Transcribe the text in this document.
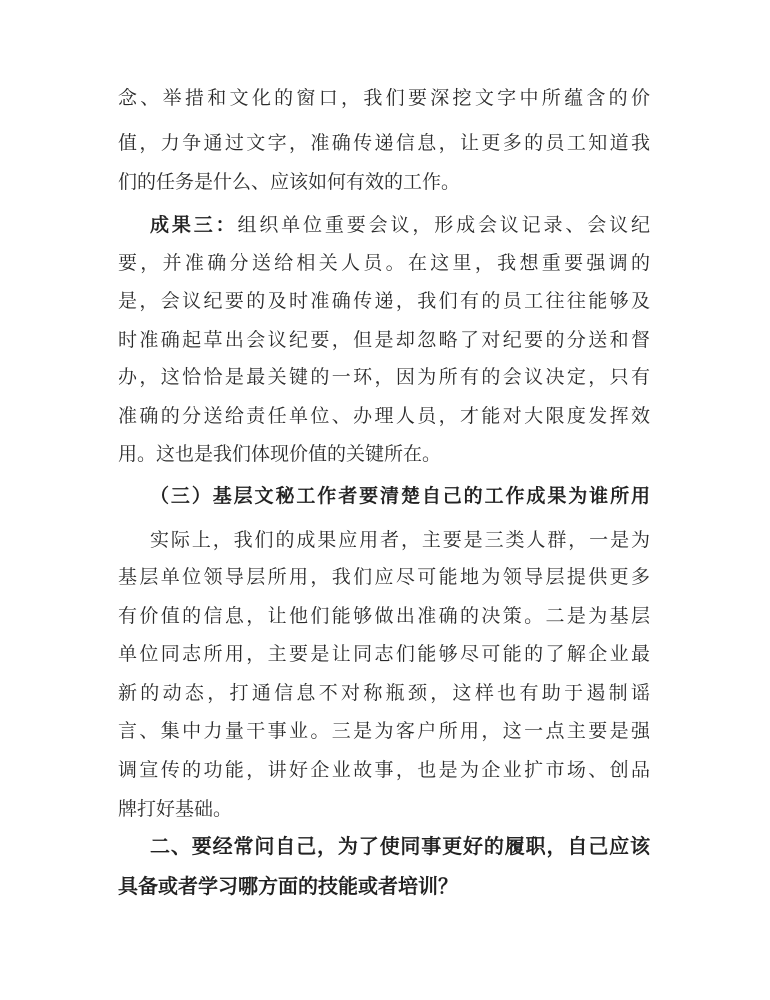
念、举措和文化的窗口，我们要深挖文字中所蕴含的价
值，力争通过文字，准确传递信息，让更多的员工知道我
们的任务是什么、应该如何有效的工作。
成果三：组织单位重要会议，形成会议记录、会议纪
要，并准确分送给相关人员。在这里，我想重要强调的
是，会议纪要的及时准确传递，我们有的员工往往能够及
时准确起草出会议纪要，但是却忽略了对纪要的分送和督
办，这恰恰是最关键的一环，因为所有的会议决定，只有
准确的分送给责任单位、办理人员，才能对大限度发挥效
用。这也是我们体现价值的关键所在。
（三）基层文秘工作者要清楚自己的工作成果为谁所用
实际上，我们的成果应用者，主要是三类人群，一是为
基层单位领导层所用，我们应尽可能地为领导层提供更多
有价值的信息，让他们能够做出准确的决策。二是为基层
单位同志所用，主要是让同志们能够尽可能的了解企业最
新的动态，打通信息不对称瓶颈，这样也有助于遏制谣
言、集中力量干事业。三是为客户所用，这一点主要是强
调宣传的功能，讲好企业故事，也是为企业扩市场、创品
牌打好基础。
二、要经常问自己，为了使同事更好的履职，自己应该
具备或者学习哪方面的技能或者培训？
